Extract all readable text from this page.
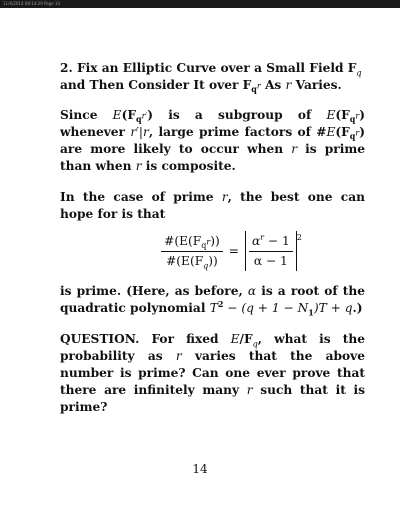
11/6/2014 08:14:29 Page 14

2. Fix an Elliptic Curve over a Small Field $F_q$
and Then Consider It over $F_{q^r}$ As r Varies.

Since $E(F_{q^{r'}})$ is a subgroup of $E(F_{q^r})$ whenever r′|r, large prime factors of $\#E(F_{q^r})$ are more likely to occur when r is prime than when r is composite.

In the case of prime r, the best one can hope for is that

$\frac{\#(E(F_{q^r}))}{\#(E(F_q))} = \frac{\alpha^r - 1}{\alpha - 1} 2$

is prime. (Here, as before, α is a root of the quadratic polynomial $T^2 - (q + 1 - N_1)T + q$.)

QUESTION. For fixed $E/F_q$, what is the probability as r varies that the above number is prime? Can one ever prove that there are infinitely many r such that it is prime?

14
